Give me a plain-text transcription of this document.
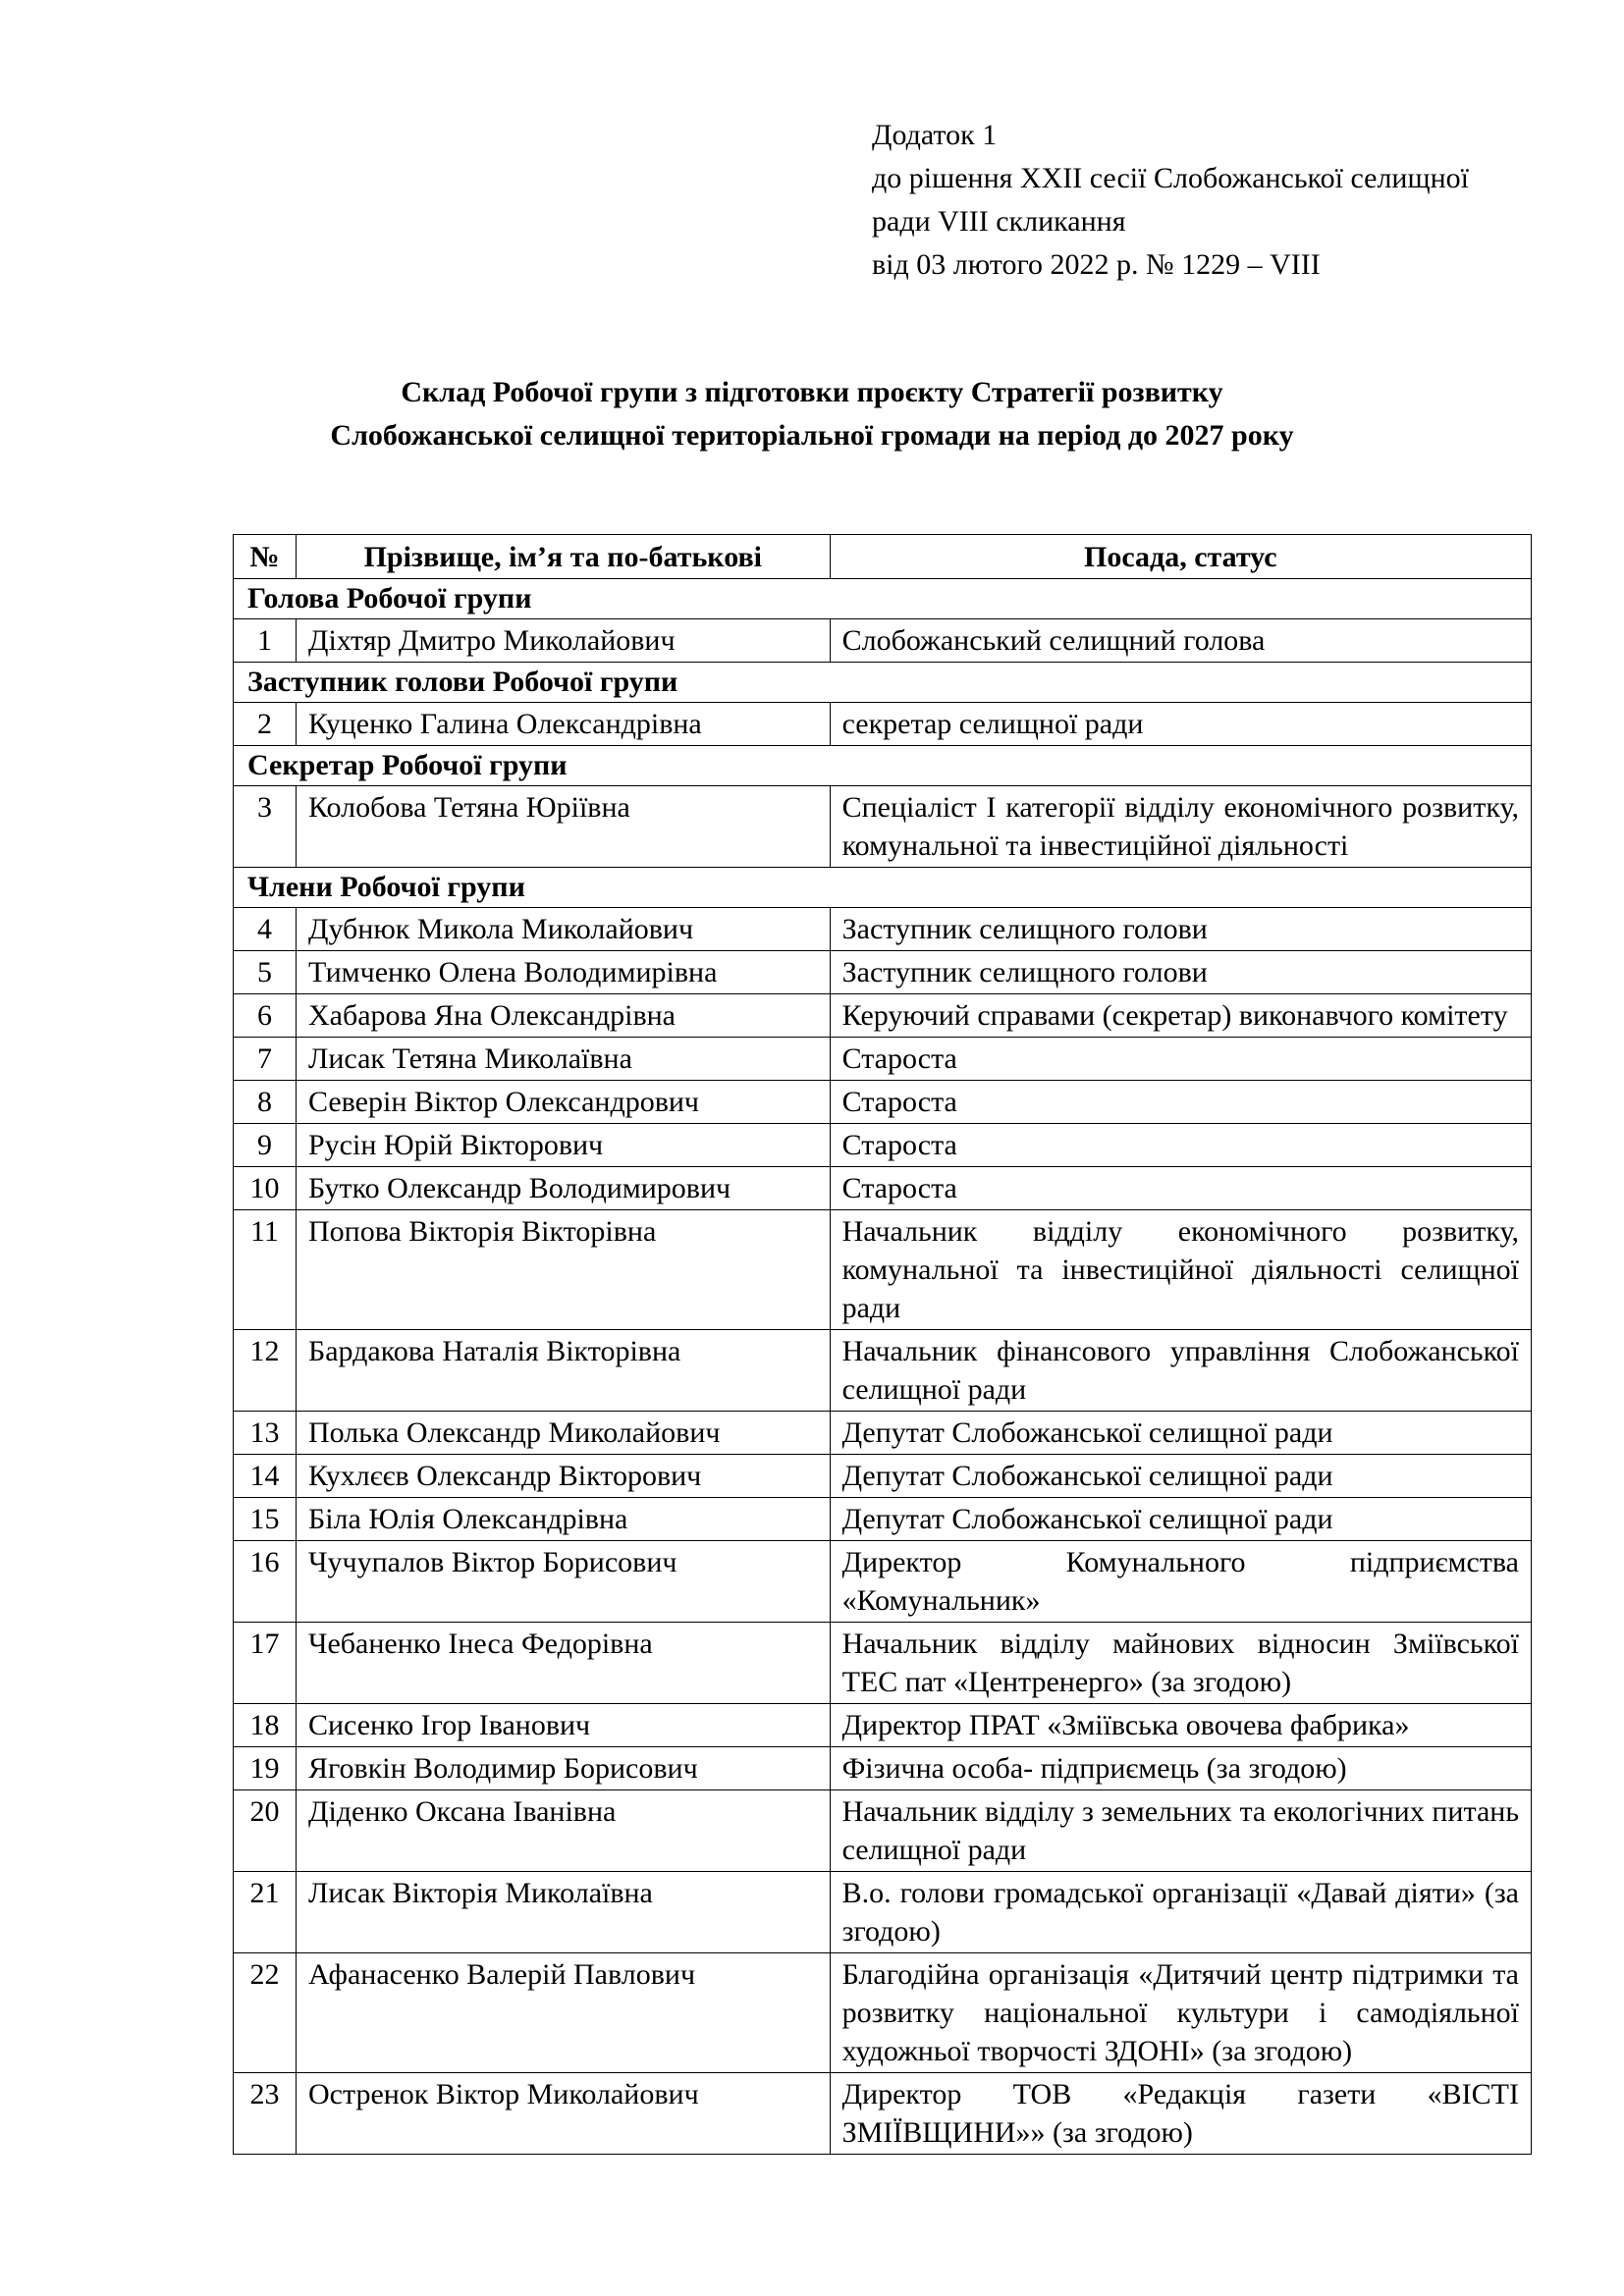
Додаток 1
до рішення XXII сесії Слобожанської селищної
ради VIII скликання
від 03 лютого 2022 р. № 1229 – VIII
Склад Робочої групи з підготовки проєкту Стратегії розвитку
Слобожанської селищної територіальної громади на період до 2027 року
№	Прізвище, ім’я та по-батькові	Посада, статус
Голова Робочої групи		
1	Діхтяр Дмитро Миколайович	Слобожанський селищний голова
Заступник голови Робочої групи		
2	Куценко Галина Олександрівна	секретар селищної ради
Секретар Робочої групи		
3	Колобова Тетяна Юріївна	Спеціаліст І категорії відділу економічного розвитку, комунальної та інвестиційної діяльності
Члени Робочої групи		
4	Дубнюк Микола Миколайович	Заступник селищного голови
5	Тимченко Олена Володимирівна	Заступник селищного голови
6	Хабарова Яна Олександрівна	Керуючий справами (секретар) виконавчого комітету
7	Лисак Тетяна Миколаївна	Староста
8	Северін Віктор Олександрович	Староста
9	Русін Юрій Вікторович	Староста
10	Бутко Олександр Володимирович	Староста
11	Попова Вікторія Вікторівна	Начальник відділу економічного розвитку, комунальної та інвестиційної діяльності селищної ради
12	Бардакова Наталія Вікторівна	Начальник фінансового управління Слобожанської селищної ради
13	Полька Олександр Миколайович	Депутат Слобожанської селищної ради
14	Кухлєєв Олександр Вікторович	Депутат Слобожанської селищної ради
15	Біла Юлія Олександрівна	Депутат Слобожанської селищної ради
16	Чучупалов Віктор Борисович	Директор Комунального підприємства «Комунальник»
17	Чебаненко Інеса Федорівна	Начальник відділу майнових відносин Зміївської ТЕС пат «Центренерго» (за згодою)
18	Сисенко Ігор Іванович	Директор ПРАТ «Зміївська овочева фабрика»
19	Яговкін Володимир Борисович	Фізична особа- підприємець (за згодою)
20	Діденко Оксана Іванівна	Начальник відділу з земельних та екологічних питань селищної ради
21	Лисак Вікторія Миколаївна	В.о. голови громадської організації «Давай діяти» (за згодою)
22	Афанасенко Валерій Павлович	Благодійна організація «Дитячий центр підтримки та розвитку національної культури і самодіяльної художньої творчості ЗДОНІ» (за згодою)
23	Остренок Віктор Миколайович	Директор ТОВ «Редакція газети «ВІСТІ ЗМІЇВЩИНИ»» (за згодою)
